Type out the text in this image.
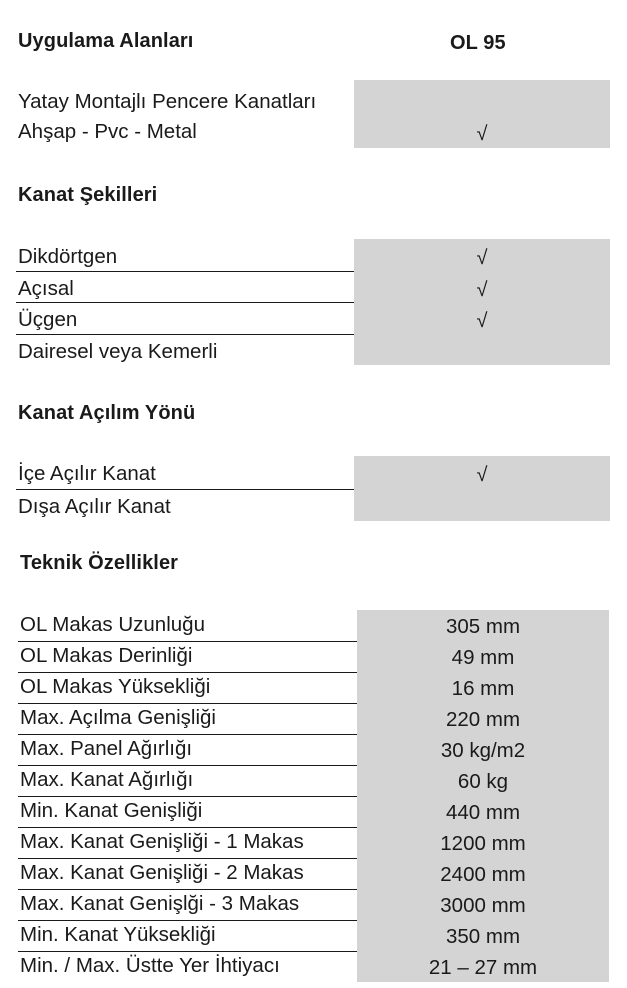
Uygulama Alanları	OL 95
Yatay Montajlı Pencere Kanatları
Ahşap - Pvc - Metal	√
Kanat Şekilleri
Dikdörtgen	√
Açısal	√
Üçgen	√
Dairesel veya Kemerli
Kanat Açılım Yönü
İçe Açılır Kanat	√
Dışa Açılır Kanat
Teknik Özellikler
OL Makas Uzunluğu	305 mm
OL Makas Derinliği	49 mm
OL Makas Yüksekliği	16 mm
Max. Açılma Genişliği	220 mm
Max. Panel Ağırlığı	30 kg/m2
Max. Kanat Ağırlığı	60 kg
Min. Kanat Genişliği	440 mm
Max. Kanat Genişliği - 1 Makas	1200 mm
Max. Kanat Genişliği - 2 Makas	2400 mm
Max. Kanat Genişlği - 3 Makas	3000 mm
Min. Kanat Yüksekliği	350 mm
Min. / Max. Üstte Yer İhtiyacı	21 – 27 mm
